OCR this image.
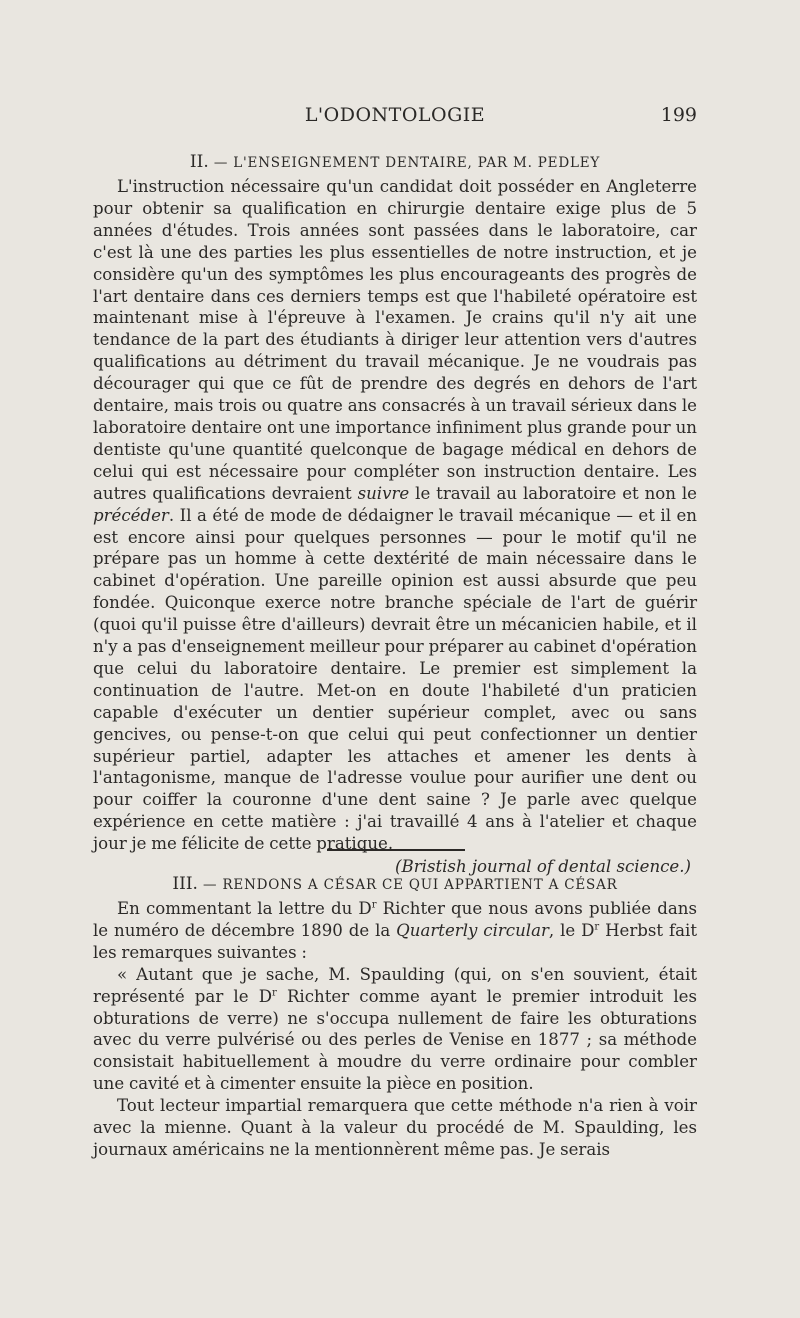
L'ODONTOLOGIE	199
II. — L'ENSEIGNEMENT DENTAIRE, PAR M. PEDLEY

L'instruction nécessaire qu'un candidat doit posséder en Angleterre pour obtenir sa qualification en chirurgie dentaire exige plus de 5 années d'études. Trois années sont passées dans le laboratoire, car c'est là une des parties les plus essentielles de notre instruction, et je considère qu'un des symptômes les plus encourageants des progrès de l'art dentaire dans ces derniers temps est que l'habileté opératoire est maintenant mise à l'épreuve à l'examen. Je crains qu'il n'y ait une tendance de la part des étudiants à diriger leur attention vers d'autres qualifications au détriment du travail mécanique. Je ne voudrais pas décourager qui que ce fût de prendre des degrés en dehors de l'art dentaire, mais trois ou quatre ans consacrés à un travail sérieux dans le laboratoire dentaire ont une importance infiniment plus grande pour un dentiste qu'une quantité quelconque de bagage médical en dehors de celui qui est nécessaire pour compléter son instruction dentaire. Les autres qualifications devraient suivre le travail au laboratoire et non le précéder. Il a été de mode de dédaigner le travail mécanique — et il en est encore ainsi pour quelques personnes — pour le motif qu'il ne prépare pas un homme à cette dextérité de main nécessaire dans le cabinet d'opération. Une pareille opinion est aussi absurde que peu fondée. Quiconque exerce notre branche spéciale de l'art de guérir (quoi qu'il puisse être d'ailleurs) devrait être un mécanicien habile, et il n'y a pas d'enseignement meilleur pour préparer au cabinet d'opération que celui du laboratoire dentaire. Le premier est simplement la continuation de l'autre. Met-on en doute l'habileté d'un praticien capable d'exécuter un dentier supérieur complet, avec ou sans gencives, ou pense-t-on que celui qui peut confectionner un dentier supérieur partiel, adapter les attaches et amener les dents à l'antagonisme, manque de l'adresse voulue pour aurifier une dent ou pour coiffer la couronne d'une dent saine ? Je parle avec quelque expérience en cette matière : j'ai travaillé 4 ans à l'atelier et chaque jour je me félicite de cette pratique.

(Bristish journal of dental science.)
III. — RENDONS A CÉSAR CE QUI APPARTIENT A CÉSAR

En commentant la lettre du $D^r$ Richter que nous avons publiée dans le numéro de décembre 1890 de la Quarterly circular, le $D^r$ Herbst fait les remarques suivantes :

« Autant que je sache, M. Spaulding (qui, on s'en souvient, était représenté par le $D^r$ Richter comme ayant le premier introduit les obturations de verre) ne s'occupa nullement de faire les obturations avec du verre pulvérisé ou des perles de Venise en 1877 ; sa méthode consistait habituellement à moudre du verre ordinaire pour combler une cavité et à cimenter ensuite la pièce en position.

Tout lecteur impartial remarquera que cette méthode n'a rien à voir avec la mienne. Quant à la valeur du procédé de M. Spaulding, les journaux américains ne la mentionnèrent même pas. Je serais
